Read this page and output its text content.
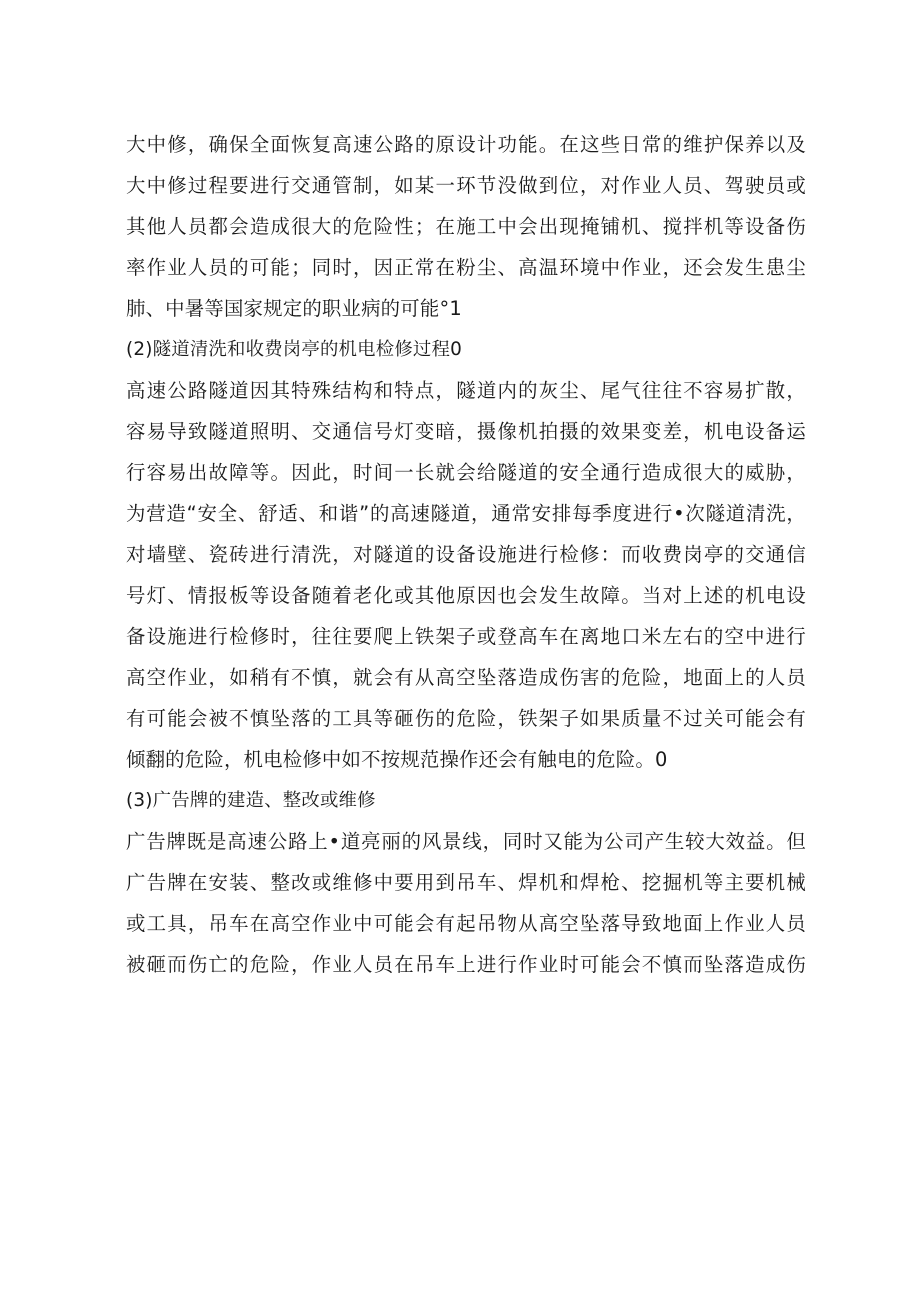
大中修，确保全面恢复高速公路的原设计功能。在这些日常的维护保养以及
大中修过程要进行交通管制，如某一环节没做到位，对作业人员、驾驶员或
其他人员都会造成很大的危险性；在施工中会出现掩铺机、搅拌机等设备伤
率作业人员的可能；同时，因正常在粉尘、高温环境中作业，还会发生患尘
肺、中暑等国家规定的职业病的可能°1
(2)隧道清洗和收费岗亭的机电检修过程0
高速公路隧道因其特殊结构和特点，隧道内的灰尘、尾气往往不容易扩散，
容易导致隧道照明、交通信号灯变暗，摄像机拍摄的效果变差，机电设备运
行容易出故障等。因此，时间一长就会给隧道的安全通行造成很大的威胁，
为营造“安全、舒适、和谐”的高速隧道，通常安排每季度进行•次隧道清洗，
对墙壁、瓷砖进行清洗，对隧道的设备设施进行检修：而收费岗亭的交通信
号灯、情报板等设备随着老化或其他原因也会发生故障。当对上述的机电设
备设施进行检修时，往往要爬上铁架子或登高车在离地口米左右的空中进行
高空作业，如稍有不慎，就会有从高空坠落造成伤害的危险，地面上的人员
有可能会被不慎坠落的工具等砸伤的危险，铁架子如果质量不过关可能会有
倾翻的危险，机电检修中如不按规范操作还会有触电的危险。0
(3)广告牌的建造、整改或维修
广告牌既是高速公路上•道亮丽的风景线，同时又能为公司产生较大效益。但
广告牌在安装、整改或维修中要用到吊车、焊机和焊枪、挖掘机等主要机械
或工具，吊车在高空作业中可能会有起吊物从高空坠落导致地面上作业人员
被砸而伤亡的危险，作业人员在吊车上进行作业时可能会不慎而坠落造成伤
